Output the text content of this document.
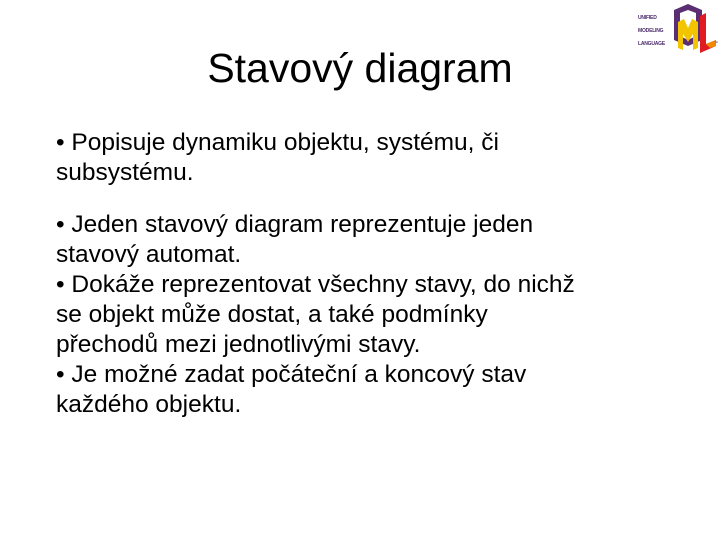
Stavový diagram
• Popisuje dynamiku objektu, systému, či
subsystému.
• Jeden stavový diagram reprezentuje jeden
stavový automat.
• Dokáže reprezentovat všechny stavy, do nichž
se objekt může dostat, a také podmínky
přechodů mezi jednotlivými stavy.
• Je možné zadat počáteční a koncový stav
každého objektu.
UNIFIED
MODELING
LANGUAGE	™
